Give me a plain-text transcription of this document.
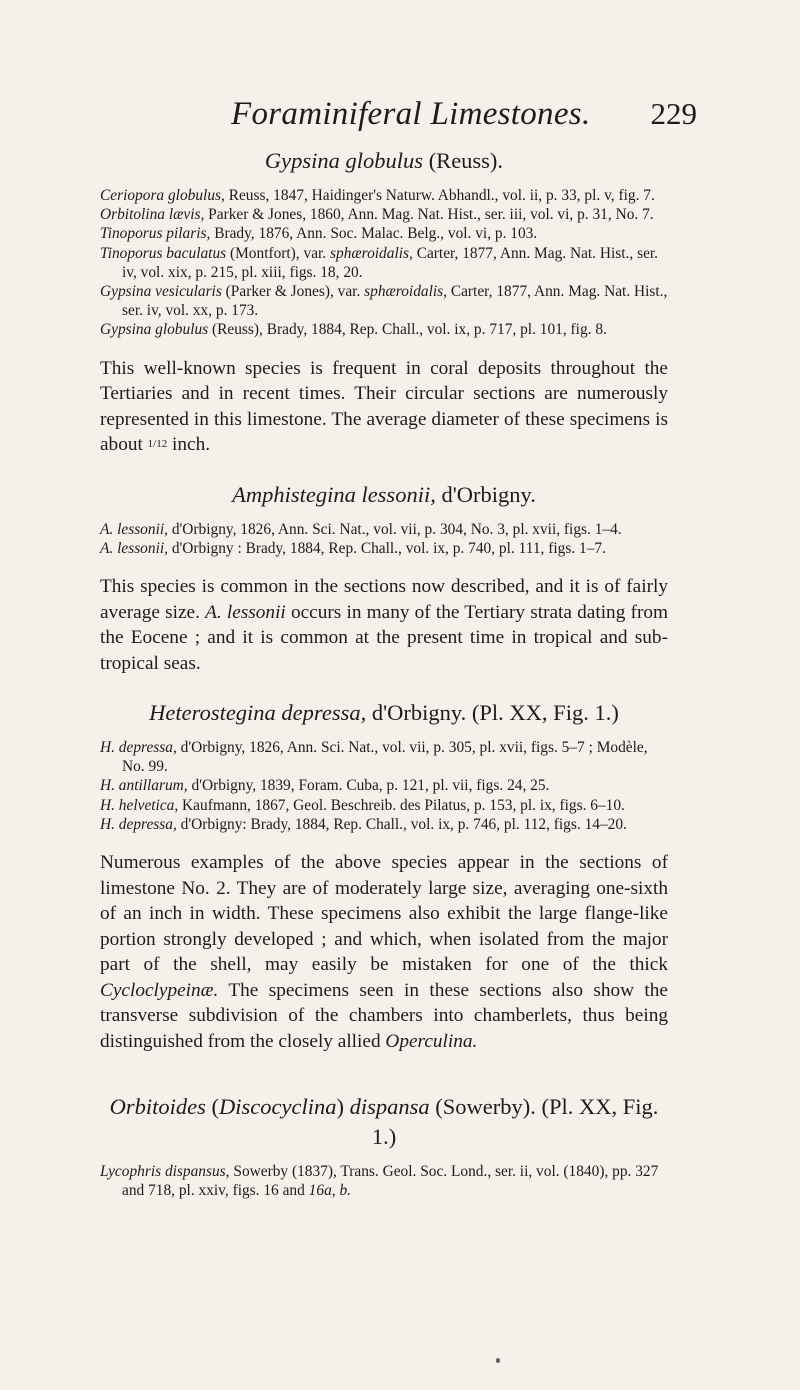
Foraminiferal Limestones.	229
Gypsina globulus (Reuss).
Ceriopora globulus, Reuss, 1847, Haidinger's Naturw. Abhandl., vol. ii, p. 33, pl. v, fig. 7.
Orbitolina lævis, Parker & Jones, 1860, Ann. Mag. Nat. Hist., ser. iii, vol. vi, p. 31, No. 7.
Tinoporus pilaris, Brady, 1876, Ann. Soc. Malac. Belg., vol. vi, p. 103.
Tinoporus baculatus (Montfort), var. sphæroidalis, Carter, 1877, Ann. Mag. Nat. Hist., ser. iv, vol. xix, p. 215, pl. xiii, figs. 18, 20.
Gypsina vesicularis (Parker & Jones), var. sphæroidalis, Carter, 1877, Ann. Mag. Nat. Hist., ser. iv, vol. xx, p. 173.
Gypsina globulus (Reuss), Brady, 1884, Rep. Chall., vol. ix, p. 717, pl. 101, fig. 8.

This well-known species is frequent in coral deposits throughout the Tertiaries and in recent times. Their circular sections are numerously represented in this limestone. The average diameter of these specimens is about 1/12 inch.

Amphistegina lessonii, d'Orbigny.
A. lessonii, d'Orbigny, 1826, Ann. Sci. Nat., vol. vii, p. 304, No. 3, pl. xvii, figs. 1–4.
A. lessonii, d'Orbigny : Brady, 1884, Rep. Chall., vol. ix, p. 740, pl. 111, figs. 1–7.

This species is common in the sections now described, and it is of fairly average size. A. lessonii occurs in many of the Tertiary strata dating from the Eocene ; and it is common at the present time in tropical and sub-tropical seas.

Heterostegina depressa, d'Orbigny. (Pl. XX, Fig. 1.)
H. depressa, d'Orbigny, 1826, Ann. Sci. Nat., vol. vii, p. 305, pl. xvii, figs. 5–7 ; Modèle, No. 99.
H. antillarum, d'Orbigny, 1839, Foram. Cuba, p. 121, pl. vii, figs. 24, 25.
H. helvetica, Kaufmann, 1867, Geol. Beschreib. des Pilatus, p. 153, pl. ix, figs. 6–10.
H. depressa, d'Orbigny: Brady, 1884, Rep. Chall., vol. ix, p. 746, pl. 112, figs. 14–20.

Numerous examples of the above species appear in the sections of limestone No. 2. They are of moderately large size, averaging one-sixth of an inch in width. These specimens also exhibit the large flange-like portion strongly developed ; and which, when isolated from the major part of the shell, may easily be mistaken for one of the thick Cycloclypeinæ. The specimens seen in these sections also show the transverse subdivision of the chambers into chamberlets, thus being distinguished from the closely allied Operculina.

Orbitoides (Discocyclina) dispansa (Sowerby). (Pl. XX, Fig. 1.)
Lycophris dispansus, Sowerby (1837), Trans. Geol. Soc. Lond., ser. ii, vol. (1840), pp. 327 and 718, pl. xxiv, figs. 16 and 16a, b.
